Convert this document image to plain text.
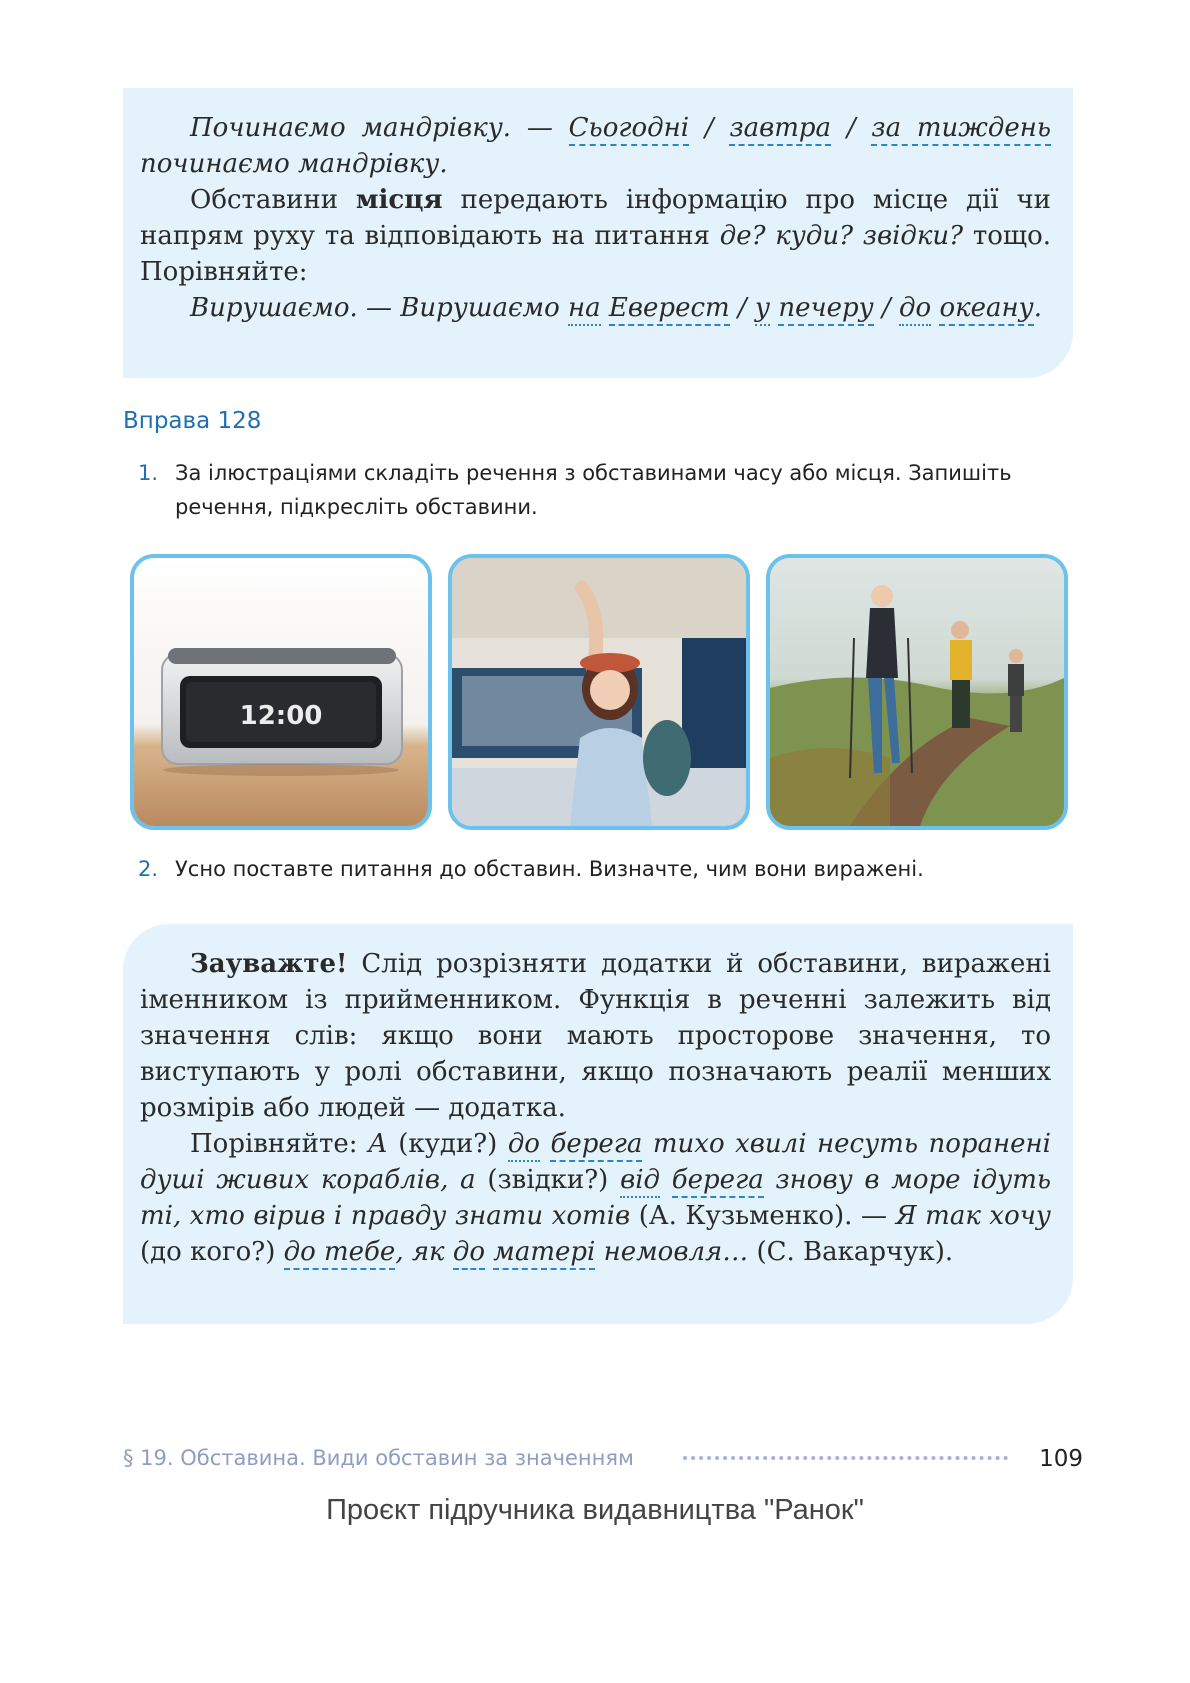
Починаємо мандрівку. — Сьогодні / завтра / за тиждень починаємо мандрівку.

Обставини місця передають інформацію про місце дії чи напрям руху та відповідають на питання де? куди? звідки? тощо. Порівняйте:

Вирушаємо. — Вирушаємо на Еверест / у печеру / до океану.

Вправа 128
1. За ілюстраціями складіть речення з обставинами часу або місця. Запишіть речення, підкресліть обставини.
12:00
2. Усно поставте питання до обставин. Визначте, чим вони виражені.

Зауважте! Слід розрізняти додатки й обставини, виражені іменником із прийменником. Функція в реченні залежить від значення слів: якщо вони мають просторове значення, то виступають у ролі обставини, якщо позначають реалії менших розмірів або людей — додатка.

Порівняйте: А (куди?) до берега тихо хвилі несуть поранені душі живих кораблів, а (звідки?) від берега знову в море ідуть ті, хто вірив і правду знати хотів (А. Кузьменко). — Я так хочу (до кого?) до тебе, як до матері немовля… (С. Вакарчук).

§ 19. Обставина. Види обставин за значенням	109
Проєкт підручника видавництва "Ранок"
